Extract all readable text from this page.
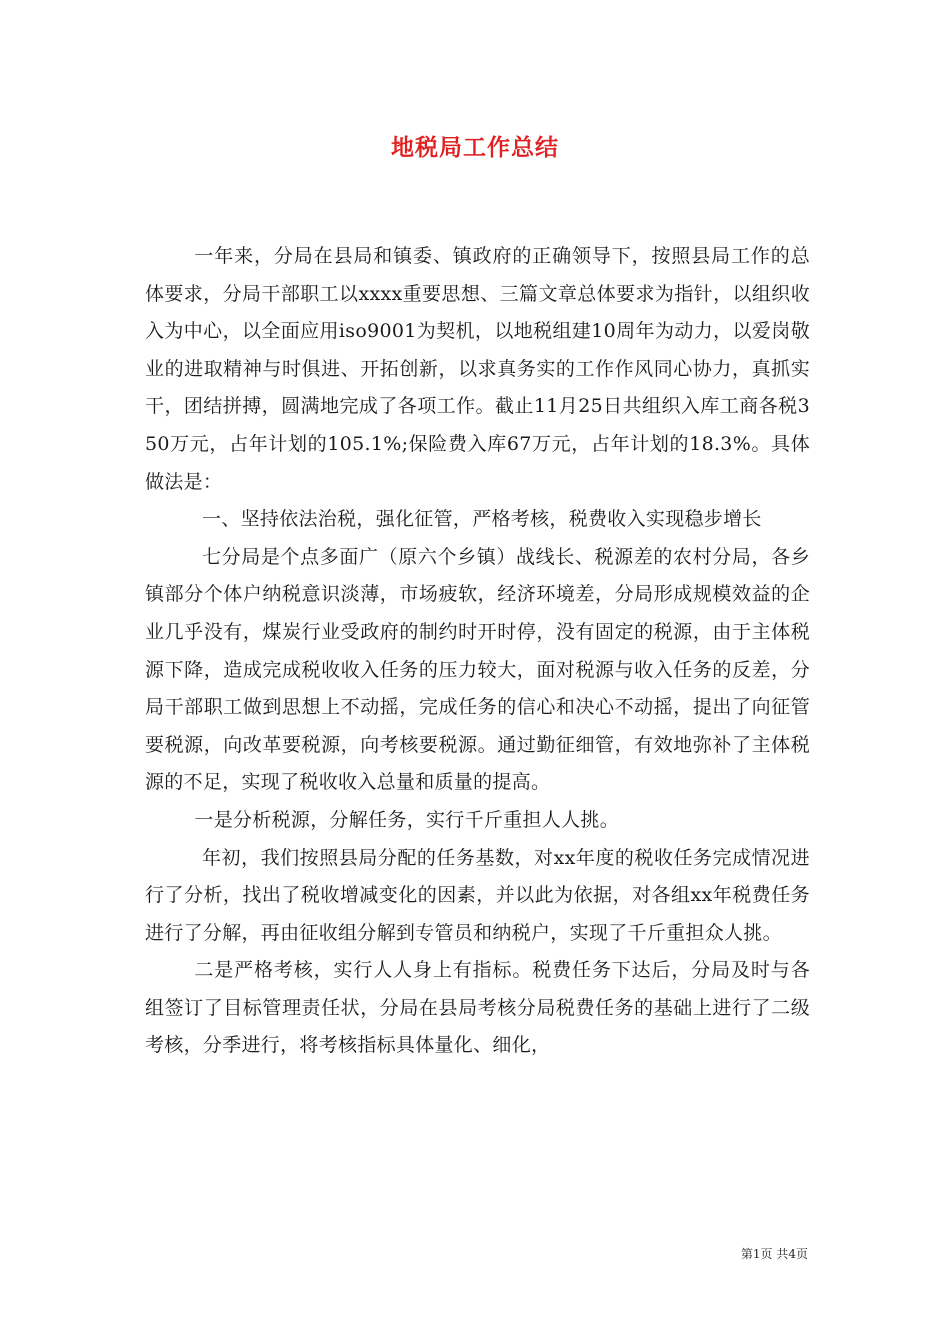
地税局工作总结

一年来，分局在县局和镇委、镇政府的正确领导下，按照县局工作的总体要求，分局干部职工以xxxx重要思想、三篇文章总体要求为指针，以组织收入为中心，以全面应用iso9001为契机，以地税组建10周年为动力，以爱岗敬业的进取精神与时俱进、开拓创新，以求真务实的工作作风同心协力，真抓实干，团结拼搏，圆满地完成了各项工作。截止11月25日共组织入库工商各税350万元，占年计划的105.1%;保险费入库67万元，占年计划的18.3%。具体做法是：

一、坚持依法治税，强化征管，严格考核，税费收入实现稳步增长

七分局是个点多面广（原六个乡镇）战线长、税源差的农村分局，各乡镇部分个体户纳税意识淡薄，市场疲软，经济环境差，分局形成规模效益的企业几乎没有，煤炭行业受政府的制约时开时停，没有固定的税源，由于主体税源下降，造成完成税收收入任务的压力较大，面对税源与收入任务的反差，分局干部职工做到思想上不动摇，完成任务的信心和决心不动摇，提出了向征管要税源，向改革要税源，向考核要税源。通过勤征细管，有效地弥补了主体税源的不足，实现了税收收入总量和质量的提高。

一是分析税源，分解任务，实行千斤重担人人挑。

年初，我们按照县局分配的任务基数，对xx年度的税收任务完成情况进行了分析，找出了税收增减变化的因素，并以此为依据，对各组xx年税费任务进行了分解，再由征收组分解到专管员和纳税户，实现了千斤重担众人挑。

二是严格考核，实行人人身上有指标。税费任务下达后，分局及时与各组签订了目标管理责任状，分局在县局考核分局税费任务的基础上进行了二级考核，分季进行，将考核指标具体量化、细化，

第1页 共4页
